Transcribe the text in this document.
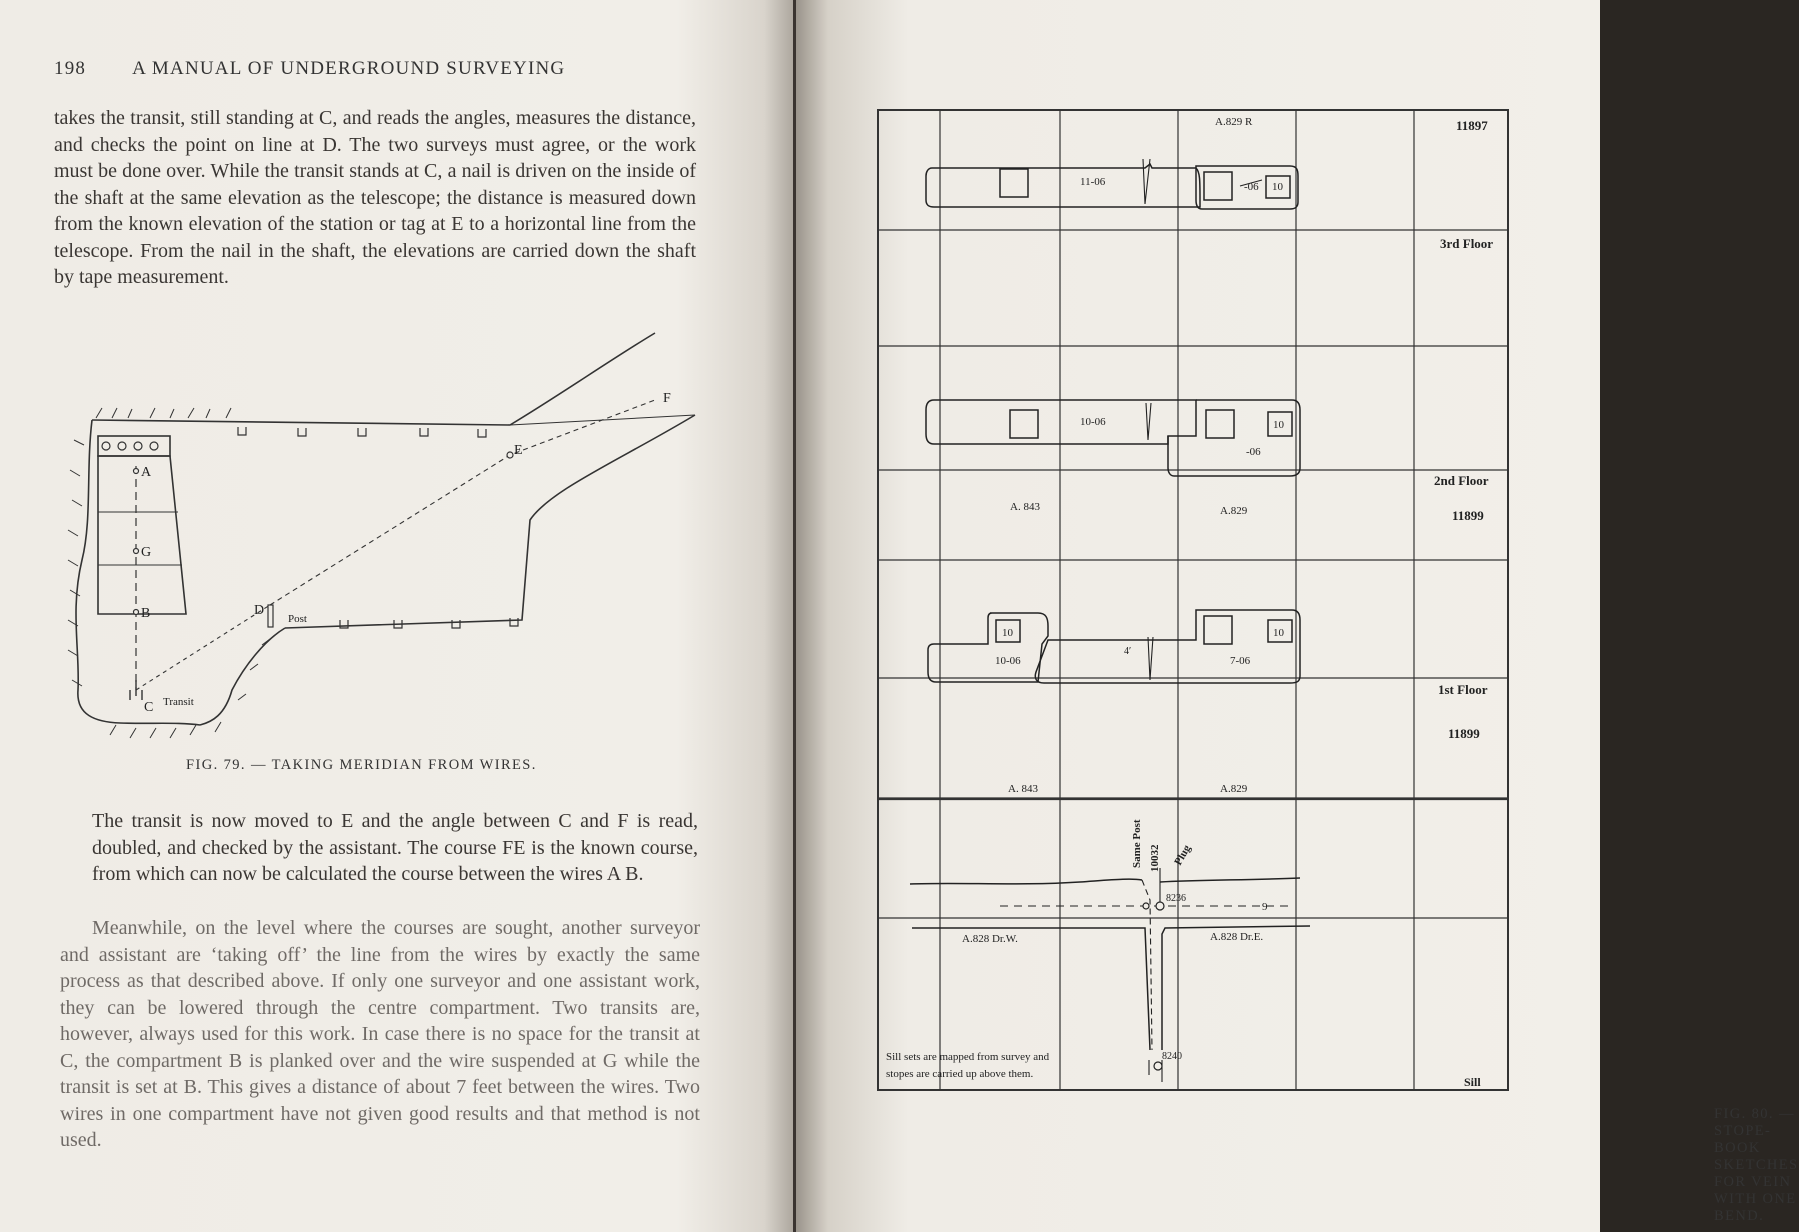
198 A MANUAL OF UNDERGROUND SURVEYING
takes the transit, still standing at C, and reads the angles, measures the distance, and checks the point on line at D. The two surveys must agree, or the work must be done over. While the transit stands at C, a nail is driven on the inside of the shaft at the same elevation as the telescope; the distance is measured down from the known elevation of the station or tag at E to a horizontal line from the telescope. From the nail in the shaft, the elevations are carried down the shaft by tape measurement.
A
G
B
C Transit
D
Post
E
F
FIG. 79. — TAKING MERIDIAN FROM WIRES.
The transit is now moved to E and the angle between C and F is read, doubled, and checked by the assistant. The course FE is the known course, from which can now be calculated the course between the wires A B.
Meanwhile, on the level where the courses are sought, another surveyor and assistant are ‘taking off’ the line from the wires by exactly the same process as that described above. If only one surveyor and one assistant work, they can be lowered through the centre compartment. Two transits are, however, always used for this work. In case there is no space for the transit at C, the compartment B is planked over and the wire suspended at G while the transit is set at B. This gives a distance of about 7 feet between the wires. Two wires in one compartment have not given good results and that method is not used.
A.829 R	11897
11-06	-06 10
3rd Floor
10-06	10
-06
2nd Floor
11899
A. 843	A.829
10
10-06
10
7-06
4′
1st Floor
11899
A. 843	A.829
Same Post 10032 Plug
8236
9
A.828 Dr.W.	A.828 Dr.E.
Sill sets are mapped from survey and
stopes are carried up above them.
8240
Sill
FIG. 80. — STOPE-BOOK SKETCHES FOR VEIN WITH ONE BEND.
